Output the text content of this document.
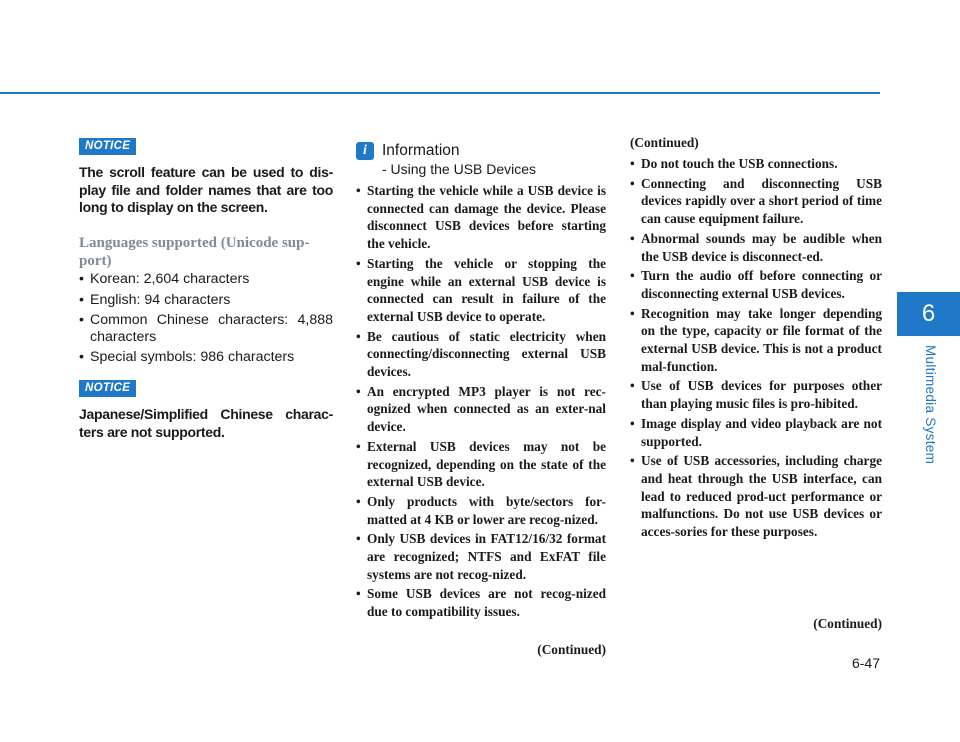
6
Multimedia System
6-47
NOTICE
The scroll feature can be used to dis-play file and folder names that are too long to display on the screen.
Languages supported (Unicode sup-port)
• Korean: 2,604 characters
• English: 94 characters
• Common Chinese characters: 4,888 characters
• Special symbols: 986 characters
NOTICE
Japanese/Simplified Chinese charac-ters are not supported.
i Information
- Using the USB Devices
• Starting the vehicle while a USB device is connected can damage the device. Please disconnect USB devices before starting the vehicle.
• Starting the vehicle or stopping the engine while an external USB device is connected can result in failure of the external USB device to operate.
• Be cautious of static electricity when connecting/disconnecting external USB devices.
• An encrypted MP3 player is not rec-ognized when connected as an exter-nal device.
• External USB devices may not be recognized, depending on the state of the external USB device.
• Only products with byte/sectors for-matted at 4 KB or lower are recog-nized.
• Only USB devices in FAT12/16/32 format are recognized; NTFS and ExFAT file systems are not recog-nized.
• Some USB devices are not recog-nized due to compatibility issues.
(Continued)
(Continued)
• Do not touch the USB connections.
• Connecting and disconnecting USB devices rapidly over a short period of time can cause equipment failure.
• Abnormal sounds may be audible when the USB device is disconnect-ed.
• Turn the audio off before connecting or disconnecting external USB devices.
• Recognition may take longer depending on the type, capacity or file format of the external USB device. This is not a product mal-function.
• Use of USB devices for purposes other than playing music files is pro-hibited.
• Image display and video playback are not supported.
• Use of USB accessories, including charge and heat through the USB interface, can lead to reduced prod-uct performance or malfunctions. Do not use USB devices or acces-sories for these purposes.
(Continued)
